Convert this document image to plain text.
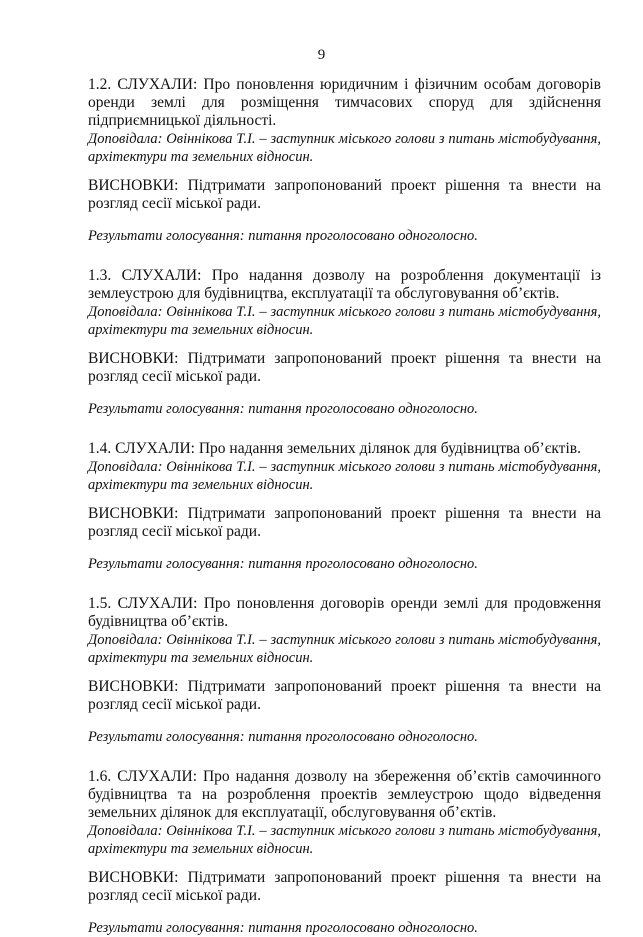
9

1.2. СЛУХАЛИ: Про поновлення юридичним і фізичним особам договорів оренди землі для розміщення тимчасових споруд для здійснення підприємницької діяльності.

Доповідала: Овіннікова Т.І. – заступник міського голови з питань містобудування, архітектури та земельних відносин.

ВИСНОВКИ: Підтримати запропонований проект рішення та внести на розгляд сесії міської ради.

Результати голосування: питання проголосовано одноголосно.

1.3. СЛУХАЛИ: Про надання дозволу на розроблення документації із землеустрою для будівництва, експлуатації та обслуговування об’єктів.

Доповідала: Овіннікова Т.І. – заступник міського голови з питань містобудування, архітектури та земельних відносин.

ВИСНОВКИ: Підтримати запропонований проект рішення та внести на розгляд сесії міської ради.

Результати голосування: питання проголосовано одноголосно.

1.4. СЛУХАЛИ: Про надання земельних ділянок для будівництва об’єктів.

Доповідала: Овіннікова Т.І. – заступник міського голови з питань містобудування, архітектури та земельних відносин.

ВИСНОВКИ: Підтримати запропонований проект рішення та внести на розгляд сесії міської ради.

Результати голосування: питання проголосовано одноголосно.

1.5. СЛУХАЛИ: Про поновлення договорів оренди землі для продовження будівництва об’єктів.

Доповідала: Овіннікова Т.І. – заступник міського голови з питань містобудування, архітектури та земельних відносин.

ВИСНОВКИ: Підтримати запропонований проект рішення та внести на розгляд сесії міської ради.

Результати голосування: питання проголосовано одноголосно.

1.6. СЛУХАЛИ: Про надання дозволу на збереження об’єктів самочинного будівництва та на розроблення проектів землеустрою щодо відведення земельних ділянок для експлуатації, обслуговування об’єктів.

Доповідала: Овіннікова Т.І. – заступник міського голови з питань містобудування, архітектури та земельних відносин.

ВИСНОВКИ: Підтримати запропонований проект рішення та внести на розгляд сесії міської ради.

Результати голосування: питання проголосовано одноголосно.
